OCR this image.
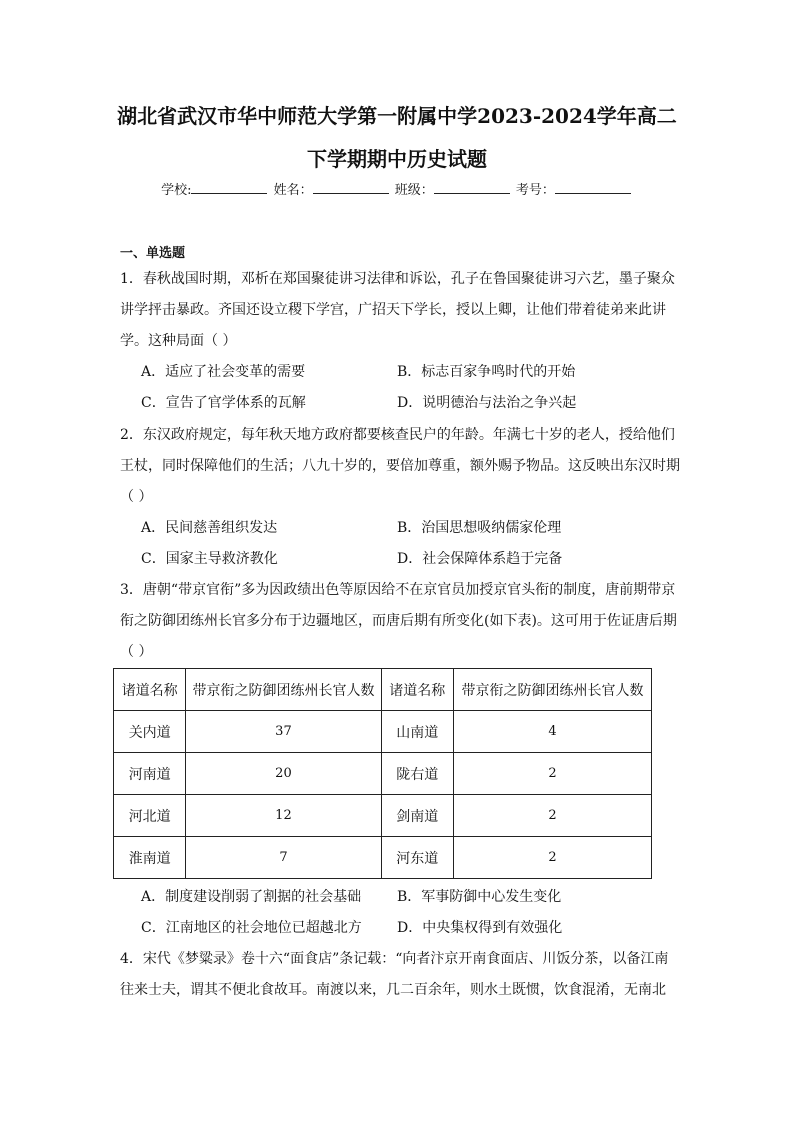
湖北省武汉市华中师范大学第一附属中学2023-2024学年高二
下学期期中历史试题
学校:	姓名：	班级：	考号：
一、单选题

1．春秋战国时期，邓析在郑国聚徒讲习法律和诉讼，孔子在鲁国聚徒讲习六艺，墨子聚众讲学抨击暴政。齐国还设立稷下学宫，广招天下学长，授以上卿，让他们带着徒弟来此讲学。这种局面（ ）

A．适应了社会变革的需要	B．标志百家争鸣时代的开始
C．宣告了官学体系的瓦解	D．说明德治与法治之争兴起

2．东汉政府规定，每年秋天地方政府都要核查民户的年龄。年满七十岁的老人，授给他们王杖，同时保障他们的生活；八九十岁的，要倍加尊重，额外赐予物品。这反映出东汉时期（ ）

A．民间慈善组织发达	B．治国思想吸纳儒家伦理
C．国家主导救济教化	D．社会保障体系趋于完备

3．唐朝“带京官衔”多为因政绩出色等原因给不在京官员加授京官头衔的制度，唐前期带京衔之防御团练州长官多分布于边疆地区，而唐后期有所变化(如下表)。这可用于佐证唐后期（ ）

诸道名称	带京衔之防御团练州长官人数	诸道名称	带京衔之防御团练州长官人数
关内道	37	山南道	4
河南道	20	陇右道	2
河北道	12	剑南道	2
淮南道	7	河东道	2
A．制度建设削弱了割据的社会基础	B．军事防御中心发生变化
C．江南地区的社会地位已超越北方	D．中央集权得到有效强化

4．宋代《梦粱录》卷十六“面食店”条记载：“向者汴京开南食面店、川饭分茶，以备江南往来士夫，谓其不便北食故耳。南渡以来，几二百余年，则水土既惯，饮食混淆，无南北
